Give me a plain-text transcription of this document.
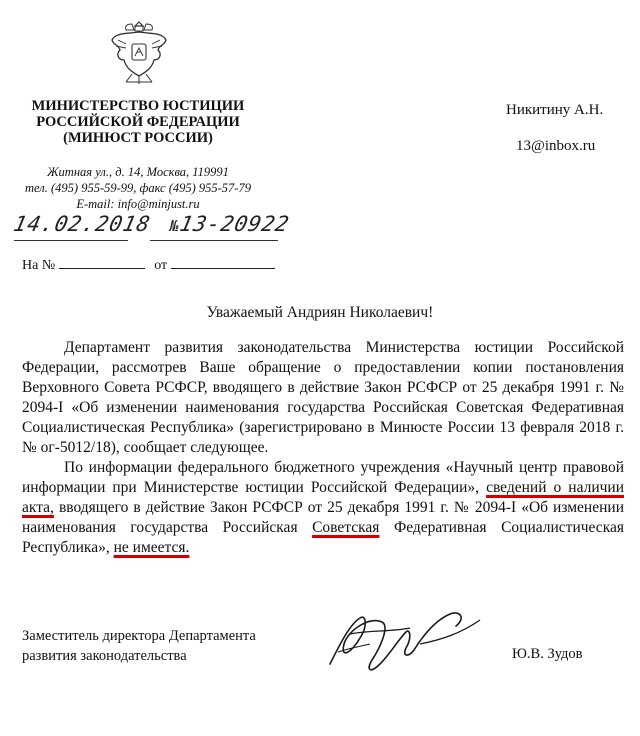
МИНИСТЕРСТВО ЮСТИЦИИ
РОССИЙСКОЙ ФЕДЕРАЦИИ
(МИНЮСТ РОССИИ)
Житная ул., д. 14, Москва, 119991
тел. (495) 955-59-99, факс (495) 955-57-79
E-mail: info@minjust.ru
14.02.2018 №13-20922
На №	от
Никитину А.Н.
13@inbox.ru
Уважаемый Андриян Николаевич!

Департамент развития законодательства Министерства юстиции Российской Федерации, рассмотрев Ваше обращение о предоставлении копии постановления Верховного Совета РСФСР, вводящего в действие Закон РСФСР от 25 декабря 1991 г. № 2094-I «Об изменении наименования государства Российская Советская Федеративная Социалистическая Республика» (зарегистрировано в Минюсте России 13 февраля 2018 г. № ог-5012/18), сообщает следующее.

По информации федерального бюджетного учреждения «Научный центр правовой информации при Министерстве юстиции Российской Федерации», сведений о наличии акта, вводящего в действие Закон РСФСР от 25 декабря 1991 г. № 2094-I «Об изменении наименования государства Российская Советская Федеративная Социалистическая Республика», не имеется.

Заместитель директора Департамента
развития законодательства	Ю.В. Зудов
